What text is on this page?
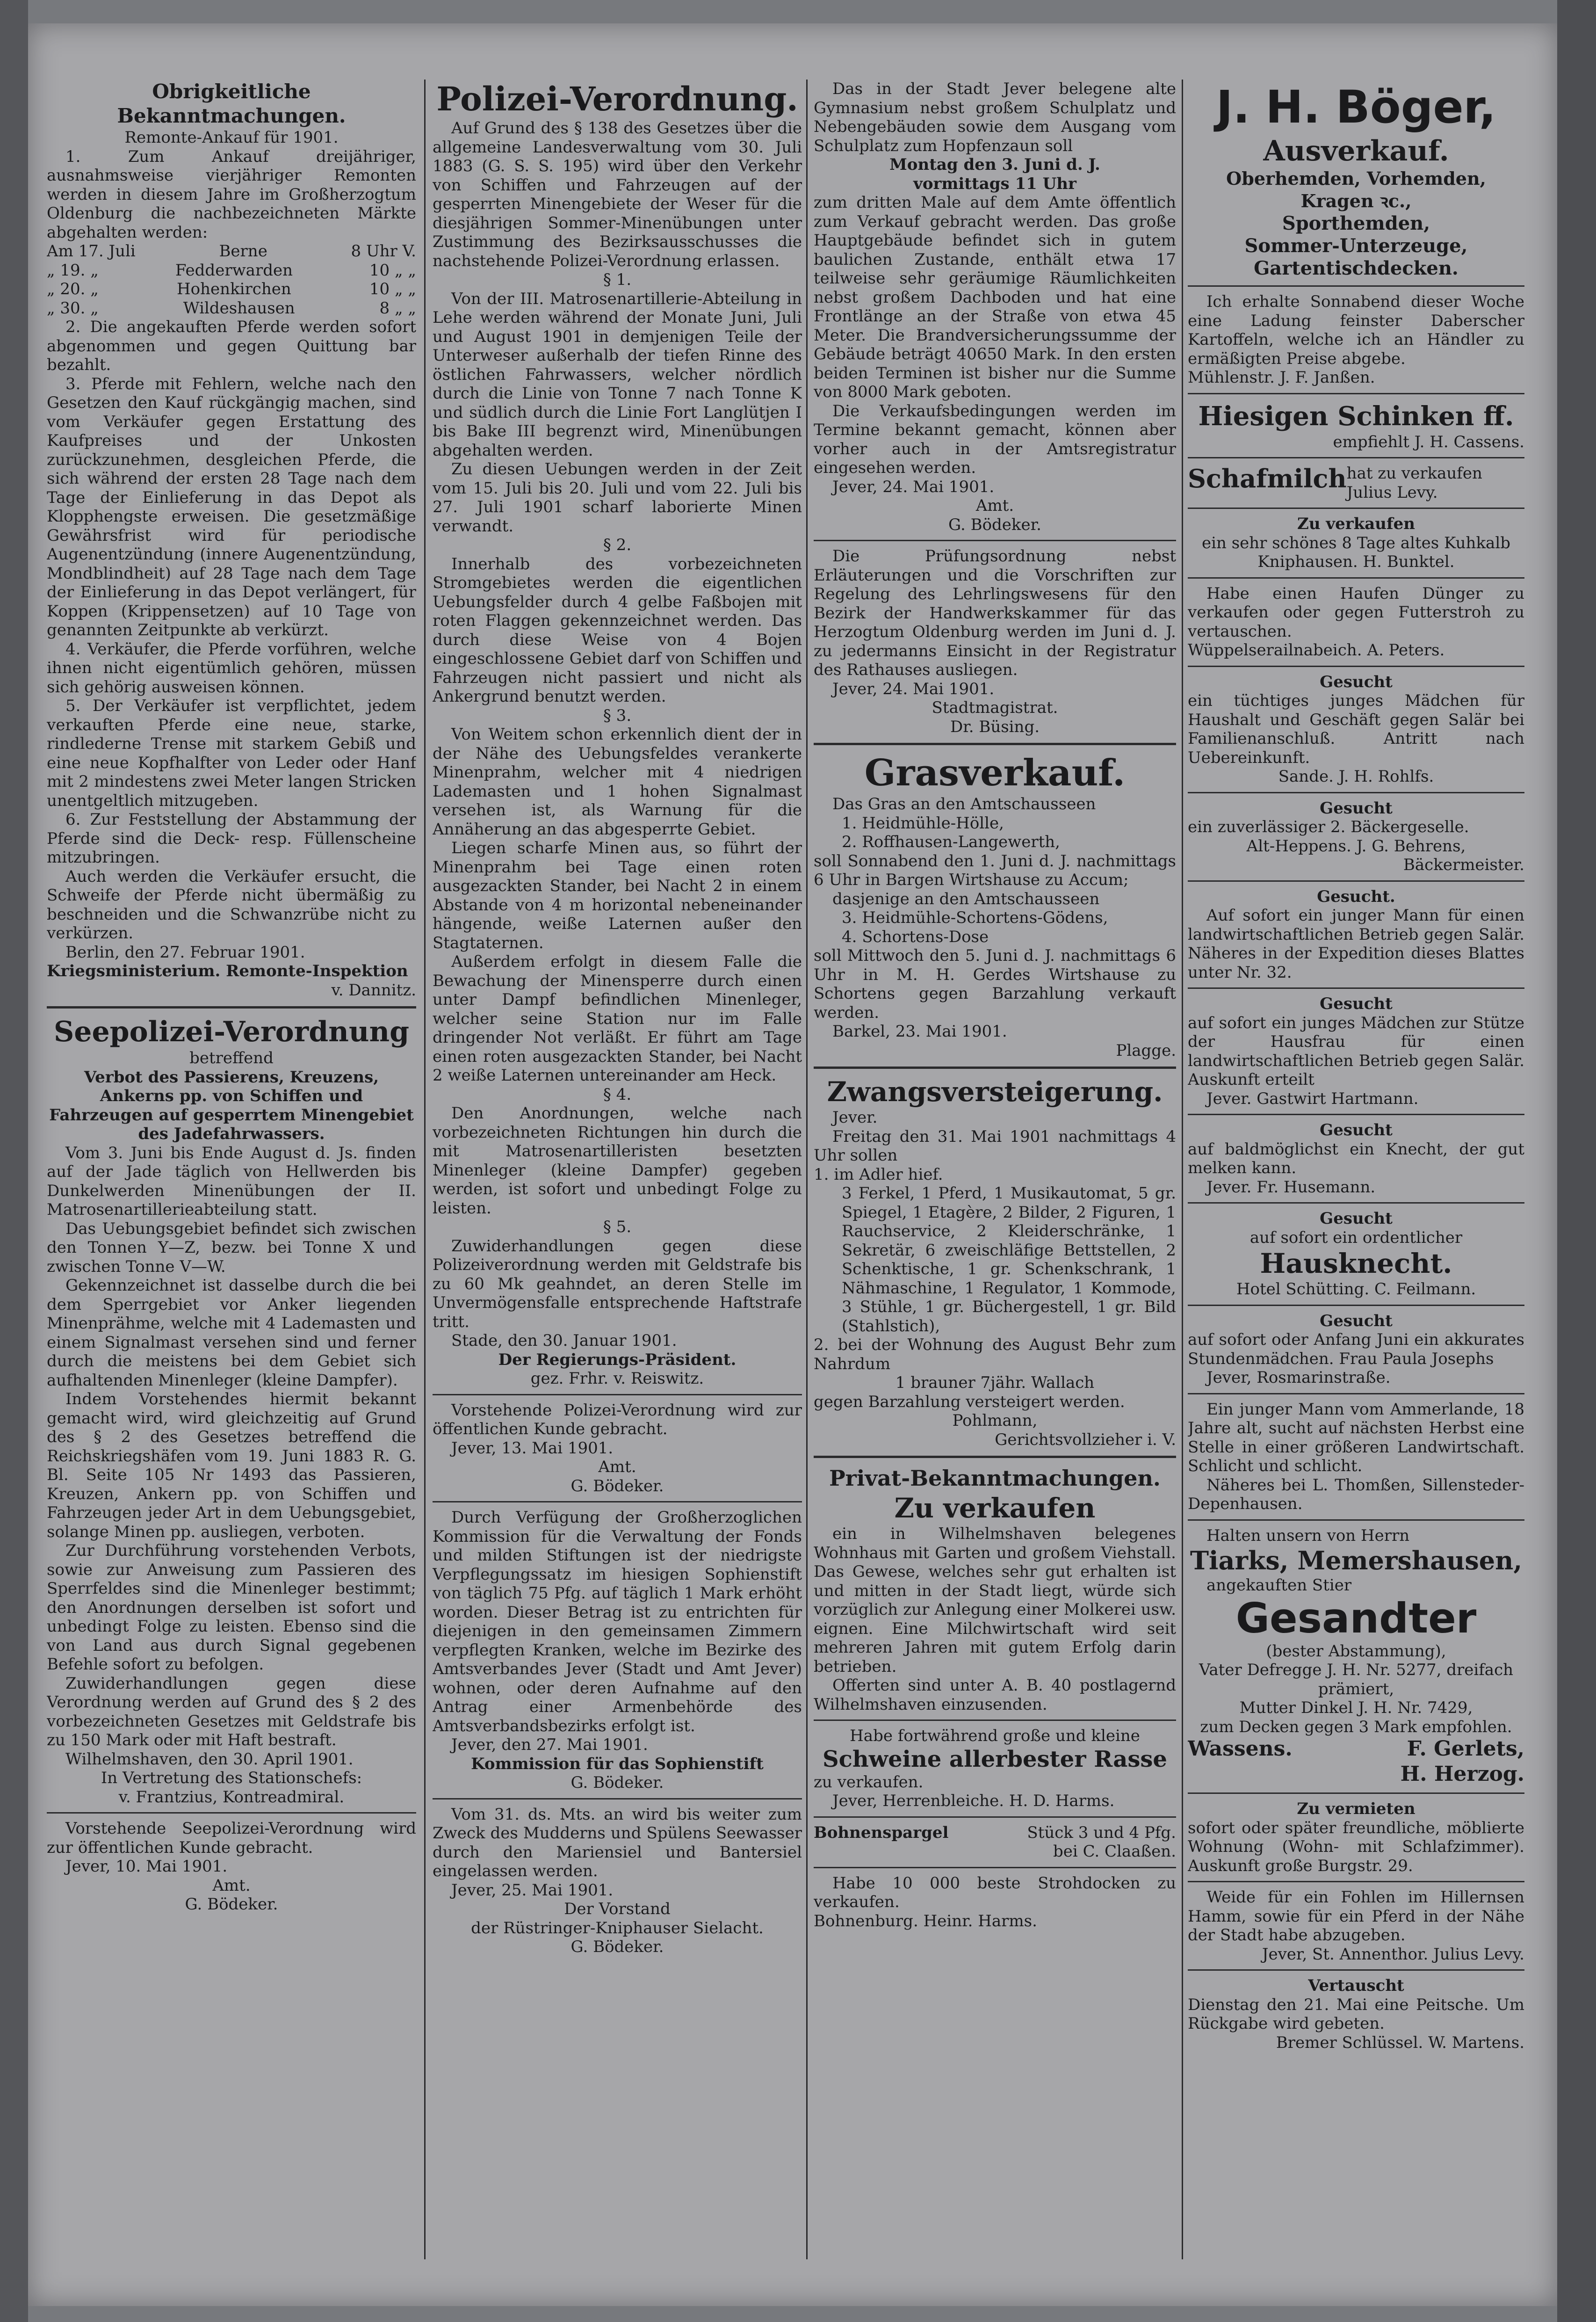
Obrigkeitliche Bekanntmachungen.

Remonte-Ankauf für 1901.

1. Zum Ankauf dreijähriger, ausnahmsweise vierjähriger Remonten werden in diesem Jahre im Großherzogtum Oldenburg die nachbezeichneten Märkte abgehalten werden:

Am 17. Juli	Berne	8 Uhr V.
„ 19. „	Fedderwarden	10 „ „
„ 20. „	Hohenkirchen	10 „ „
„ 30. „	Wildeshausen	8 „ „

2. Die angekauften Pferde werden sofort abgenommen und gegen Quittung bar bezahlt.

3. Pferde mit Fehlern, welche nach den Gesetzen den Kauf rückgängig machen, sind vom Verkäufer gegen Erstattung des Kaufpreises und der Unkosten zurückzunehmen, desgleichen Pferde, die sich während der ersten 28 Tage nach dem Tage der Einlieferung in das Depot als Klopphengste erweisen. Die gesetzmäßige Gewährsfrist wird für periodische Augenentzündung (innere Augenentzündung, Mondblindheit) auf 28 Tage nach dem Tage der Einlieferung in das Depot verlängert, für Koppen (Krippensetzen) auf 10 Tage von genannten Zeitpunkte ab verkürzt.

4. Verkäufer, die Pferde vorführen, welche ihnen nicht eigentümlich gehören, müssen sich gehörig ausweisen können.

5. Der Verkäufer ist verpflichtet, jedem verkauften Pferde eine neue, starke, rindlederne Trense mit starkem Gebiß und eine neue Kopfhalfter von Leder oder Hanf mit 2 mindestens zwei Meter langen Stricken unentgeltlich mitzugeben.

6. Zur Feststellung der Abstammung der Pferde sind die Deck- resp. Füllenscheine mitzubringen.

Auch werden die Verkäufer ersucht, die Schweife der Pferde nicht übermäßig zu beschneiden und die Schwanzrübe nicht zu verkürzen.

Berlin, den 27. Februar 1901.

Kriegsministerium. Remonte-Inspektion

v. Dannitz.

Seepolizei-Verordnung

betreffend

Verbot des Passierens, Kreuzens, Ankerns pp. von Schiffen und Fahrzeugen auf gesperrtem Minengebiet des Jadefahrwassers.

Vom 3. Juni bis Ende August d. Js. finden auf der Jade täglich von Hellwerden bis Dunkelwerden Minenübungen der II. Matrosenartillerieabteilung statt.

Das Uebungsgebiet befindet sich zwischen den Tonnen Y—Z, bezw. bei Tonne X und zwischen Tonne V—W.

Gekennzeichnet ist dasselbe durch die bei dem Sperrgebiet vor Anker liegenden Minenprähme, welche mit 4 Lademasten und einem Signalmast versehen sind und ferner durch die meistens bei dem Gebiet sich aufhaltenden Minenleger (kleine Dampfer).

Indem Vorstehendes hiermit bekannt gemacht wird, wird gleichzeitig auf Grund des § 2 des Gesetzes betreffend die Reichskriegshäfen vom 19. Juni 1883 R. G. Bl. Seite 105 Nr 1493 das Passieren, Kreuzen, Ankern pp. von Schiffen und Fahrzeugen jeder Art in dem Uebungsgebiet, solange Minen pp. ausliegen, verboten.

Zur Durchführung vorstehenden Verbots, sowie zur Anweisung zum Passieren des Sperrfeldes sind die Minenleger bestimmt; den Anordnungen derselben ist sofort und unbedingt Folge zu leisten. Ebenso sind die von Land aus durch Signal gegebenen Befehle sofort zu befolgen.

Zuwiderhandlungen gegen diese Verordnung werden auf Grund des § 2 des vorbezeichneten Gesetzes mit Geldstrafe bis zu 150 Mark oder mit Haft bestraft.

Wilhelmshaven, den 30. April 1901.

In Vertretung des Stationschefs:

v. Frantzius, Kontreadmiral.

Vorstehende Seepolizei-Verordnung wird zur öffentlichen Kunde gebracht.

Jever, 10. Mai 1901.

Amt.

G. Bödeker.

Polizei-Verordnung.

Auf Grund des § 138 des Gesetzes über die allgemeine Landesverwaltung vom 30. Juli 1883 (G. S. S. 195) wird über den Verkehr von Schiffen und Fahrzeugen auf der gesperrten Minengebiete der Weser für die diesjährigen Sommer-Minenübungen unter Zustimmung des Bezirksausschusses die nachstehende Polizei-Verordnung erlassen.

§ 1.

Von der III. Matrosenartillerie-Abteilung in Lehe werden während der Monate Juni, Juli und August 1901 in demjenigen Teile der Unterweser außerhalb der tiefen Rinne des östlichen Fahrwassers, welcher nördlich durch die Linie von Tonne 7 nach Tonne K und südlich durch die Linie Fort Langlütjen I bis Bake III begrenzt wird, Minenübungen abgehalten werden.

Zu diesen Uebungen werden in der Zeit vom 15. Juli bis 20. Juli und vom 22. Juli bis 27. Juli 1901 scharf laborierte Minen verwandt.

§ 2.

Innerhalb des vorbezeichneten Stromgebietes werden die eigentlichen Uebungsfelder durch 4 gelbe Faßbojen mit roten Flaggen gekennzeichnet werden. Das durch diese Weise von 4 Bojen eingeschlossene Gebiet darf von Schiffen und Fahrzeugen nicht passiert und nicht als Ankergrund benutzt werden.

§ 3.

Von Weitem schon erkennlich dient der in der Nähe des Uebungsfeldes verankerte Minenprahm, welcher mit 4 niedrigen Lademasten und 1 hohen Signalmast versehen ist, als Warnung für die Annäherung an das abgesperrte Gebiet.

Liegen scharfe Minen aus, so führt der Minenprahm bei Tage einen roten ausgezackten Stander, bei Nacht 2 in einem Abstande von 4 m horizontal nebeneinander hängende, weiße Laternen außer den Stagtaternen.

Außerdem erfolgt in diesem Falle die Bewachung der Minensperre durch einen unter Dampf befindlichen Minenleger, welcher seine Station nur im Falle dringender Not verläßt. Er führt am Tage einen roten ausgezackten Stander, bei Nacht 2 weiße Laternen untereinander am Heck.

§ 4.

Den Anordnungen, welche nach vorbezeichneten Richtungen hin durch die mit Matrosenartilleristen besetzten Minenleger (kleine Dampfer) gegeben werden, ist sofort und unbedingt Folge zu leisten.

§ 5.

Zuwiderhandlungen gegen diese Polizeiverordnung werden mit Geldstrafe bis zu 60 Mk geahndet, an deren Stelle im Unvermögensfalle entsprechende Haftstrafe tritt.

Stade, den 30. Januar 1901.

Der Regierungs-Präsident.

gez. Frhr. v. Reiswitz.

Vorstehende Polizei-Verordnung wird zur öffentlichen Kunde gebracht.

Jever, 13. Mai 1901.

Amt.

G. Bödeker.

Durch Verfügung der Großherzoglichen Kommission für die Verwaltung der Fonds und milden Stiftungen ist der niedrigste Verpflegungssatz im hiesigen Sophienstift von täglich 75 Pfg. auf täglich 1 Mark erhöht worden. Dieser Betrag ist zu entrichten für diejenigen in den gemeinsamen Zimmern verpflegten Kranken, welche im Bezirke des Amtsverbandes Jever (Stadt und Amt Jever) wohnen, oder deren Aufnahme auf den Antrag einer Armenbehörde des Amtsverbandsbezirks erfolgt ist.

Jever, den 27. Mai 1901.

Kommission für das Sophienstift

G. Bödeker.

Vom 31. ds. Mts. an wird bis weiter zum Zweck des Mudderns und Spülens Seewasser durch den Mariensiel und Bantersiel eingelassen werden.

Jever, 25. Mai 1901.

Der Vorstand

der Rüstringer-Kniphauser Sielacht.

G. Bödeker.

Das in der Stadt Jever belegene alte Gymnasium nebst großem Schulplatz und Nebengebäuden sowie dem Ausgang vom Schulplatz zum Hopfenzaun soll

Montag den 3. Juni d. J.

vormittags 11 Uhr

zum dritten Male auf dem Amte öffentlich zum Verkauf gebracht werden. Das große Hauptgebäude befindet sich in gutem baulichen Zustande, enthält etwa 17 teilweise sehr geräumige Räumlichkeiten nebst großem Dachboden und hat eine Frontlänge an der Straße von etwa 45 Meter. Die Brandversicherungssumme der Gebäude beträgt 40650 Mark. In den ersten beiden Terminen ist bisher nur die Summe von 8000 Mark geboten.

Die Verkaufsbedingungen werden im Termine bekannt gemacht, können aber vorher auch in der Amtsregistratur eingesehen werden.

Jever, 24. Mai 1901.

Amt.

G. Bödeker.

Die Prüfungsordnung nebst Erläuterungen und die Vorschriften zur Regelung des Lehrlingswesens für den Bezirk der Handwerkskammer für das Herzogtum Oldenburg werden im Juni d. J. zu jedermanns Einsicht in der Registratur des Rathauses ausliegen.

Jever, 24. Mai 1901.

Stadtmagistrat.

Dr. Büsing.

Grasverkauf.

Das Gras an den Amtschausseen

1. Heidmühle-Hölle,

2. Roffhausen-Langewerth,

soll Sonnabend den 1. Juni d. J. nachmittags 6 Uhr in Bargen Wirtshause zu Accum;

dasjenige an den Amtschausseen

3. Heidmühle-Schortens-Gödens,

4. Schortens-Dose

soll Mittwoch den 5. Juni d. J. nachmittags 6 Uhr in M. H. Gerdes Wirtshause zu Schortens gegen Barzahlung verkauft werden.

Barkel, 23. Mai 1901.

Plagge.

Zwangsversteigerung.

Jever.

Freitag den 31. Mai 1901 nachmittags 4 Uhr sollen

1. im Adler hief.

3 Ferkel, 1 Pferd, 1 Musikautomat, 5 gr. Spiegel, 1 Etagère, 2 Bilder, 2 Figuren, 1 Rauchservice, 2 Kleiderschränke, 1 Sekretär, 6 zweischläfige Bettstellen, 2 Schenktische, 1 gr. Schenkschrank, 1 Nähmaschine, 1 Regulator, 1 Kommode, 3 Stühle, 1 gr. Büchergestell, 1 gr. Bild (Stahlstich),

2. bei der Wohnung des August Behr zum Nahrdum

1 brauner 7jähr. Wallach

gegen Barzahlung versteigert werden.

Pohlmann,

Gerichtsvollzieher i. V.

Privat-Bekanntmachungen.
Zu verkaufen

ein in Wilhelmshaven belegenes Wohnhaus mit Garten und großem Viehstall. Das Gewese, welches sehr gut erhalten ist und mitten in der Stadt liegt, würde sich vorzüglich zur Anlegung einer Molkerei usw. eignen. Eine Milchwirtschaft wird seit mehreren Jahren mit gutem Erfolg darin betrieben.

Offerten sind unter A. B. 40 postlagernd Wilhelmshaven einzusenden.

Habe fortwährend große und kleine

Schweine allerbester Rasse

zu verkaufen.

Jever, Herrenbleiche. H. D. Harms.

Bohnenspargel	Stück 3 und 4 Pfg.

bei C. Claaßen.

Habe 10 000 beste Strohdocken zu verkaufen.

Bohnenburg. Heinr. Harms.

J. H. Böger,
Ausverkauf.
Oberhemden, Vorhemden, Kragen ꝛc.,
Sporthemden,
Sommer-Unterzeuge,
Gartentischdecken.

Ich erhalte Sonnabend dieser Woche eine Ladung feinster Daberscher Kartoffeln, welche ich an Händler zu ermäßigten Preise abgebe.

Mühlenstr. J. F. Janßen.

Hiesigen Schinken ff.

empfiehlt J. H. Cassens.

Schafmilch hat zu verkaufen Julius Levy.

Zu verkaufen

ein sehr schönes 8 Tage altes Kuhkalb

Kniphausen. H. Bunktel.

Habe einen Haufen Dünger zu verkaufen oder gegen Futterstroh zu vertauschen.

Wüppelserailnabeich. A. Peters.

Gesucht

ein tüchtiges junges Mädchen für Haushalt und Geschäft gegen Salär bei Familienanschluß. Antritt nach Uebereinkunft.

Sande. J. H. Rohlfs.

Gesucht

ein zuverlässiger 2. Bäckergeselle.

Alt-Heppens. J. G. Behrens,

Bäckermeister.

Gesucht.

Auf sofort ein junger Mann für einen landwirtschaftlichen Betrieb gegen Salär. Näheres in der Expedition dieses Blattes unter Nr. 32.

Gesucht

auf sofort ein junges Mädchen zur Stütze der Hausfrau für einen landwirtschaftlichen Betrieb gegen Salär. Auskunft erteilt

Jever. Gastwirt Hartmann.

Gesucht

auf baldmöglichst ein Knecht, der gut melken kann.

Jever. Fr. Husemann.

Gesucht

auf sofort ein ordentlicher

Hausknecht.

Hotel Schütting. C. Feilmann.

Gesucht

auf sofort oder Anfang Juni ein akkurates Stundenmädchen. Frau Paula Josephs

Jever, Rosmarinstraße.

Ein junger Mann vom Ammerlande, 18 Jahre alt, sucht auf nächsten Herbst eine Stelle in einer größeren Landwirtschaft. Schlicht und schlicht.

Näheres bei L. Thomßen, Sillensteder-Depenhausen.

Halten unsern von Herrn

Tiarks, Memershausen,

angekauften Stier

Gesandter

(bester Abstammung),

Vater Defregge J. H. Nr. 5277, dreifach prämiert,

Mutter Dinkel J. H. Nr. 7429,

zum Decken gegen 3 Mark empfohlen.

Wassens.	F. Gerlets,
H. Herzog.

Zu vermieten

sofort oder später freundliche, möblierte Wohnung (Wohn- mit Schlafzimmer). Auskunft große Burgstr. 29.

Weide für ein Fohlen im Hillernsen Hamm, sowie für ein Pferd in der Nähe der Stadt habe abzugeben.

Jever, St. Annenthor. Julius Levy.

Vertauscht

Dienstag den 21. Mai eine Peitsche. Um Rückgabe wird gebeten.

Bremer Schlüssel. W. Martens.
